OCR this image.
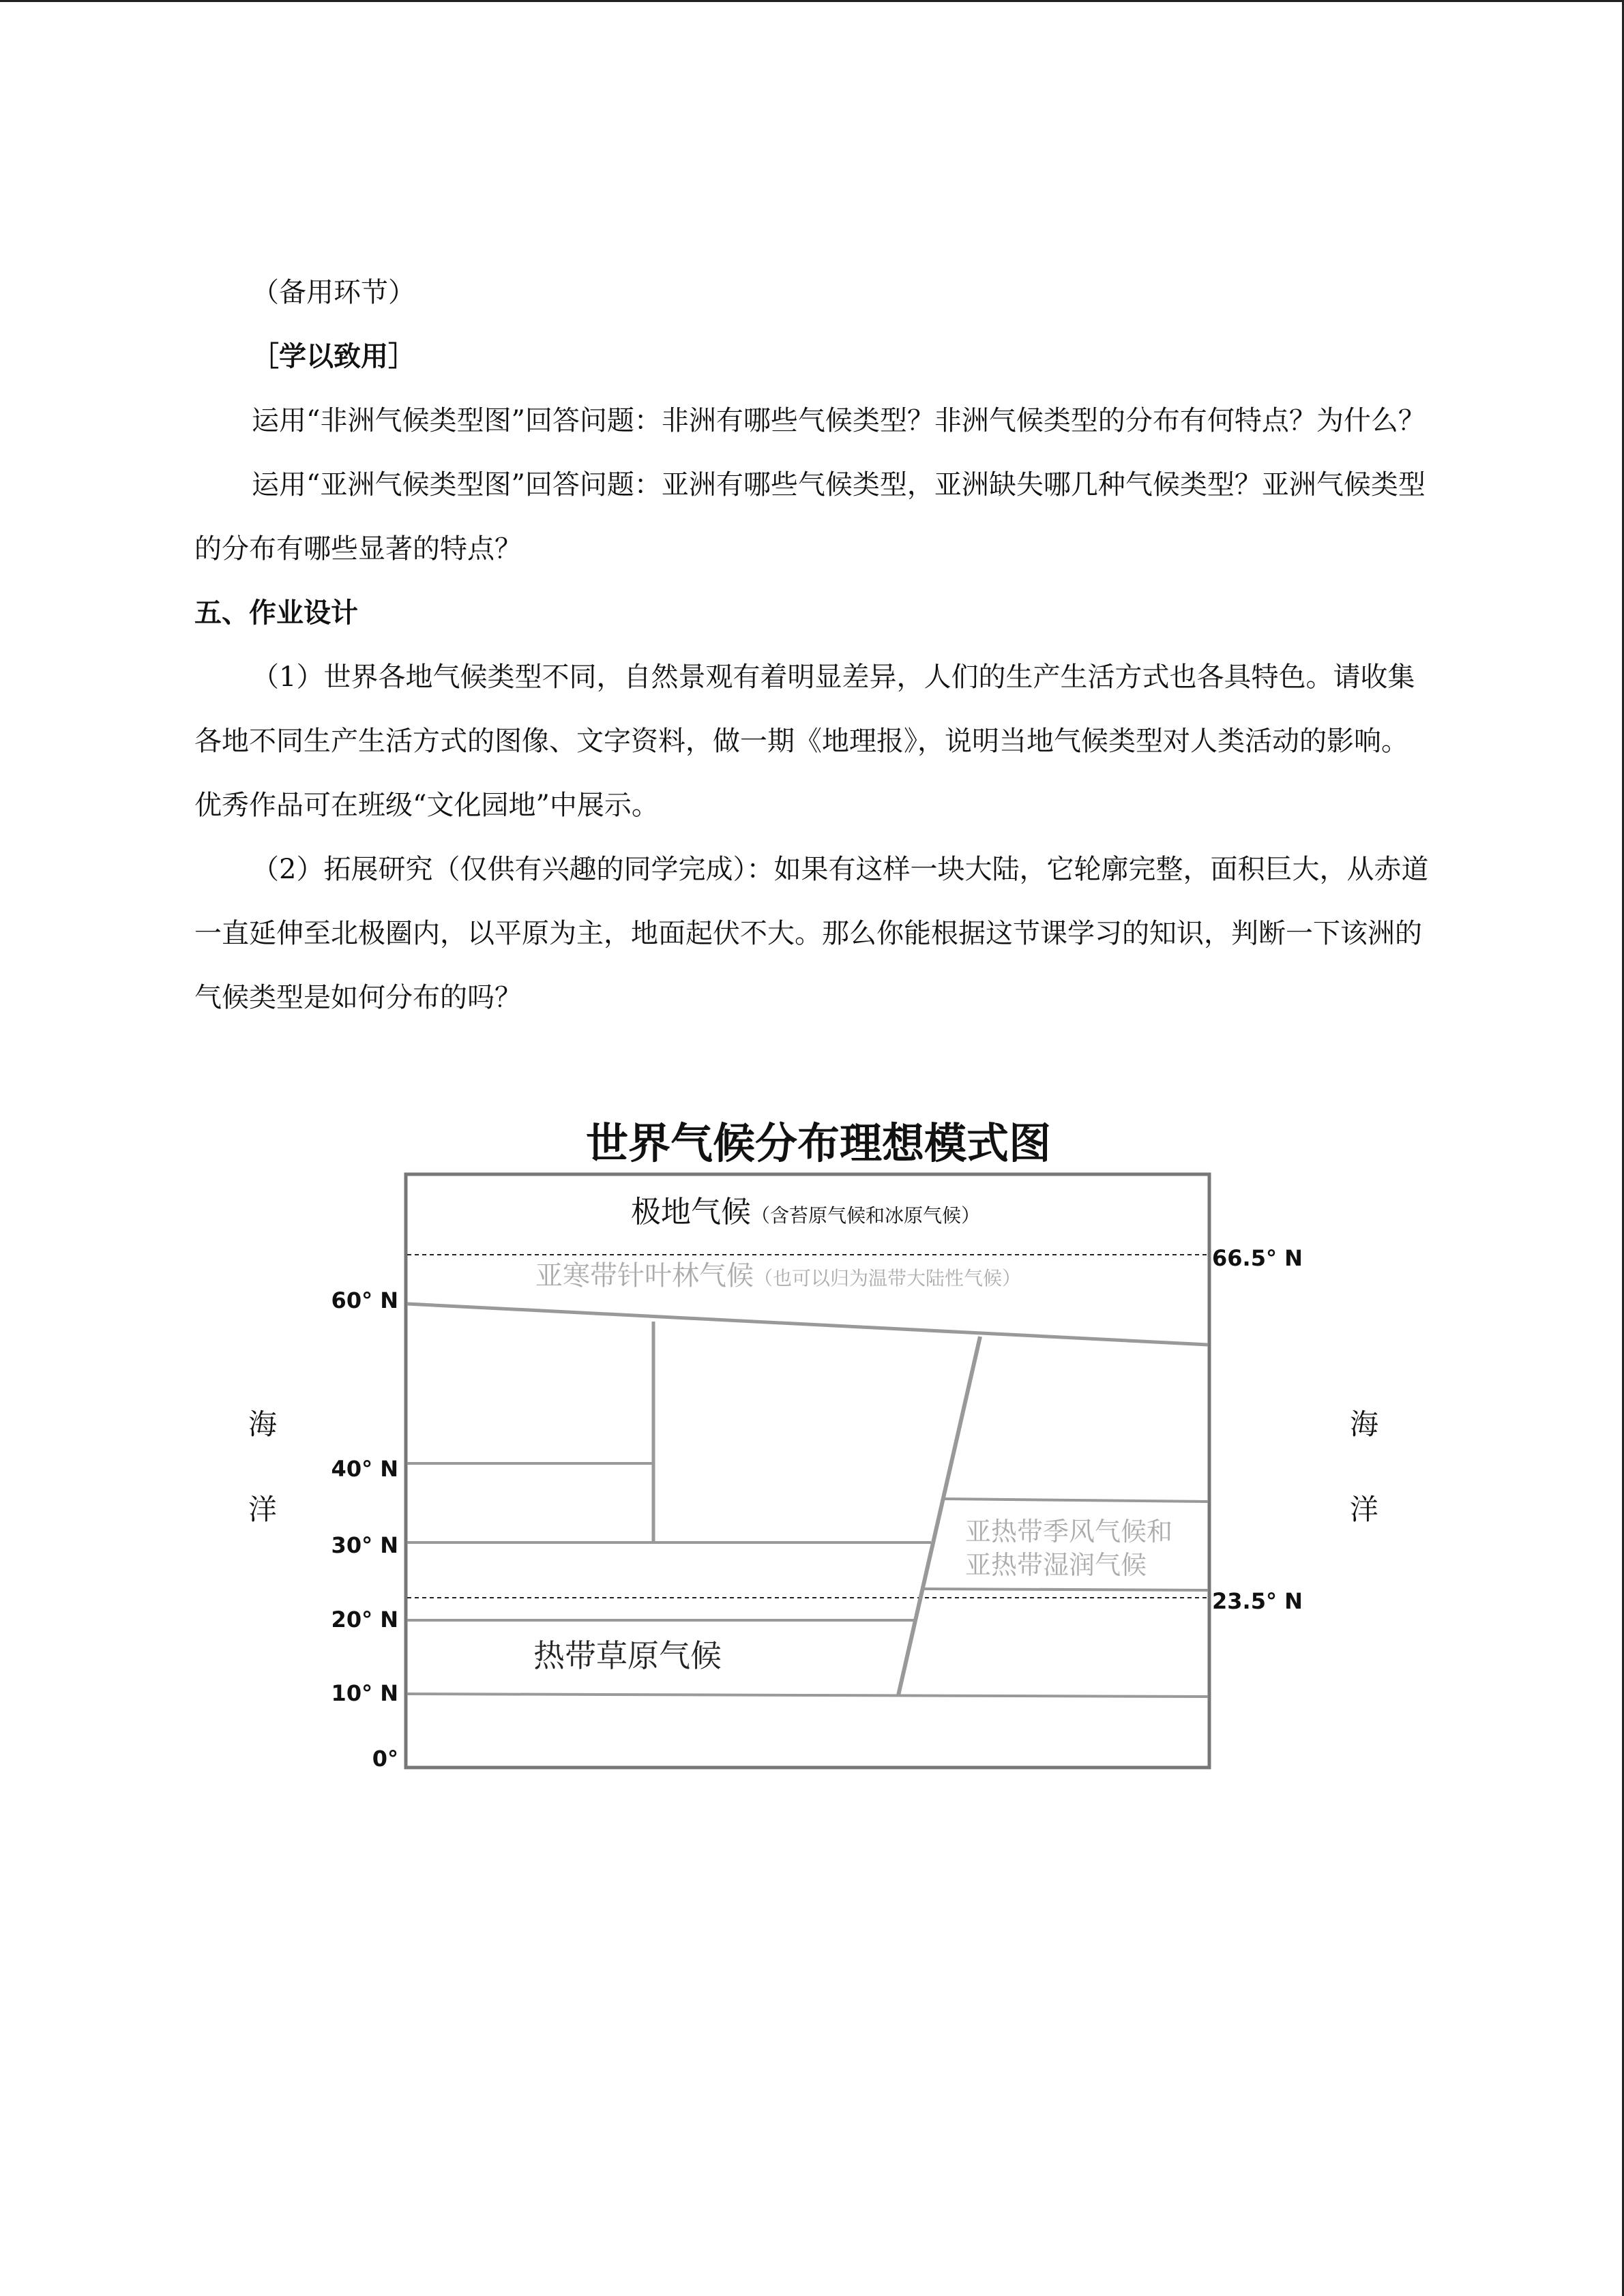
（备用环节）

［学以致用］

运用“非洲气候类型图”回答问题：非洲有哪些气候类型？非洲气候类型的分布有何特点？为什么？

运用“亚洲气候类型图”回答问题：亚洲有哪些气候类型，亚洲缺失哪几种气候类型？亚洲气候类型的分布有哪些显著的特点？

五、作业设计

（1）世界各地气候类型不同，自然景观有着明显差异，人们的生产生活方式也各具特色。请收集各地不同生产生活方式的图像、文字资料，做一期《地理报》，说明当地气候类型对人类活动的影响。优秀作品可在班级“文化园地”中展示。

（2）拓展研究（仅供有兴趣的同学完成）：如果有这样一块大陆，它轮廓完整，面积巨大，从赤道一直延伸至北极圈内，以平原为主，地面起伏不大。那么你能根据这节课学习的知识，判断一下该洲的气候类型是如何分布的吗？

世界气候分布理想模式图
极地气候（含苔原气候和冰原气候）
亚寒带针叶林气候（也可以归为温带大陆性气候）
亚热带季风气候和
亚热带湿润气候
热带草原气候
海
洋
海
洋
60° N
40° N
30° N
20° N
10° N
0°
66.5° N
23.5° N
